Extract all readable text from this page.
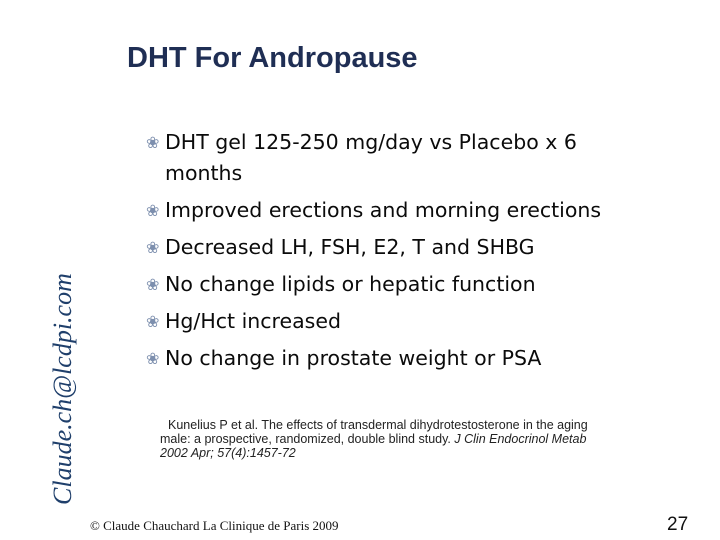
Claude.ch@lcdpi.com
DHT For Andropause
❀ DHT gel 125-250 mg/day vs Placebo x 6 months
❀ Improved erections and morning erections
❀ Decreased LH, FSH, E2, T and SHBG
❀ No change lipids or hepatic function
❀ Hg/Hct increased
❀ No change in prostate weight or PSA
Kunelius P et al. The effects of transdermal dihydrotestosterone in the aging
male: a prospective, randomized, double blind study. J Clin Endocrinol Metab
2002 Apr; 57(4):1457-72
© Claude Chauchard La Clinique de Paris 2009	27
